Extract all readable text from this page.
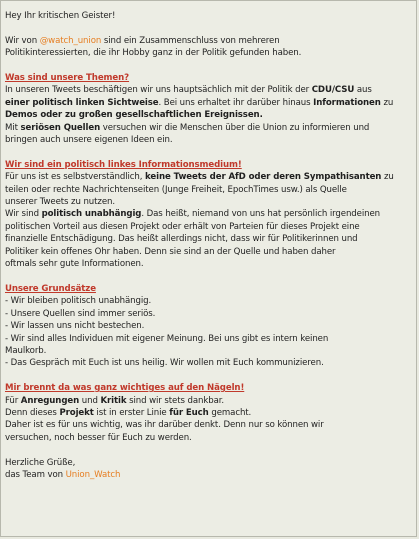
Hey Ihr kritischen Geister!
Wir von @watch_union sind ein Zusammenschluss von mehreren
Politikinteressierten, die ihr Hobby ganz in der Politik gefunden haben.
Was sind unsere Themen?
In unseren Tweets beschäftigen wir uns hauptsächlich mit der Politik der CDU/CSU aus
einer politisch linken Sichtweise. Bei uns erhaltet ihr darüber hinaus Informationen zu
Demos oder zu großen gesellschaftlichen Ereignissen.
Mit seriösen Quellen versuchen wir die Menschen über die Union zu informieren und
bringen auch unsere eigenen Ideen ein.
Wir sind ein politisch linkes Informationsmedium!
Für uns ist es selbstverständlich, keine Tweets der AfD oder deren Sympathisanten zu
teilen oder rechte Nachrichtenseiten (Junge Freiheit, EpochTimes usw.) als Quelle
unserer Tweets zu nutzen.
Wir sind politisch unabhängig. Das heißt, niemand von uns hat persönlich irgendeinen
politischen Vorteil aus diesen Projekt oder erhält von Parteien für dieses Projekt eine
finanzielle Entschädigung. Das heißt allerdings nicht, dass wir für Politikerinnen und
Politiker kein offenes Ohr haben. Denn sie sind an der Quelle und haben daher
oftmals sehr gute Informationen.
Unsere Grundsätze
- Wir bleiben politisch unabhängig.
- Unsere Quellen sind immer seriös.
- Wir lassen uns nicht bestechen.
- Wir sind alles Individuen mit eigener Meinung. Bei uns gibt es intern keinen
Maulkorb.
- Das Gespräch mit Euch ist uns heilig. Wir wollen mit Euch kommunizieren.
Mir brennt da was ganz wichtiges auf den Nägeln!
Für Anregungen und Kritik sind wir stets dankbar.
Denn dieses Projekt ist in erster Linie für Euch gemacht.
Daher ist es für uns wichtig, was ihr darüber denkt. Denn nur so können wir
versuchen, noch besser für Euch zu werden.
Herzliche Grüße,
das Team von Union_Watch
